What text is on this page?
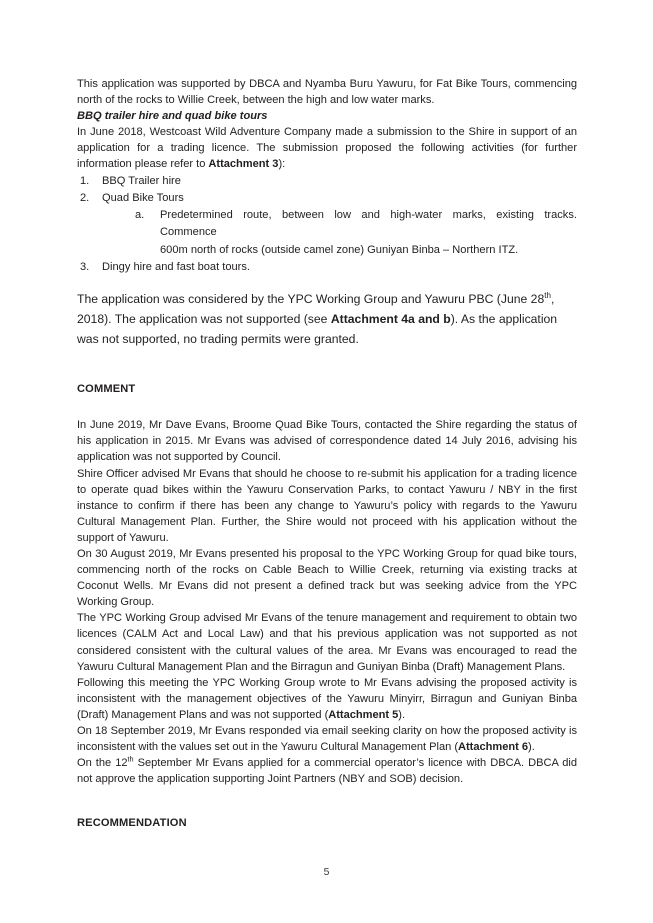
This application was supported by DBCA and Nyamba Buru Yawuru, for Fat Bike Tours, commencing north of the rocks to Willie Creek, between the high and low water marks.
BBQ trailer hire and quad bike tours
In June 2018, Westcoast Wild Adventure Company made a submission to the Shire in support of an application for a trading licence. The submission proposed the following activities (for further information please refer to Attachment 3):
1.	BBQ Trailer hire
2.	Quad Bike Tours
a.	Predetermined route, between low and high-water marks, existing tracks. Commence
600m north of rocks (outside camel zone) Guniyan Binba – Northern ITZ.
3.	Dingy hire and fast boat tours.
The application was considered by the YPC Working Group and Yawuru PBC (June 28th, 2018). The application was not supported (see Attachment 4a and b). As the application was not supported, no trading permits were granted.
COMMENT
In June 2019, Mr Dave Evans, Broome Quad Bike Tours, contacted the Shire regarding the status of his application in 2015. Mr Evans was advised of correspondence dated 14 July 2016, advising his application was not supported by Council.
Shire Officer advised Mr Evans that should he choose to re-submit his application for a trading licence to operate quad bikes within the Yawuru Conservation Parks, to contact Yawuru / NBY in the first instance to confirm if there has been any change to Yawuru’s policy with regards to the Yawuru Cultural Management Plan. Further, the Shire would not proceed with his application without the support of Yawuru.
On 30 August 2019, Mr Evans presented his proposal to the YPC Working Group for quad bike tours, commencing north of the rocks on Cable Beach to Willie Creek, returning via existing tracks at Coconut Wells. Mr Evans did not present a defined track but was seeking advice from the YPC Working Group.
The YPC Working Group advised Mr Evans of the tenure management and requirement to obtain two licences (CALM Act and Local Law) and that his previous application was not supported as not considered consistent with the cultural values of the area. Mr Evans was encouraged to read the Yawuru Cultural Management Plan and the Birragun and Guniyan Binba (Draft) Management Plans.
Following this meeting the YPC Working Group wrote to Mr Evans advising the proposed activity is inconsistent with the management objectives of the Yawuru Minyirr, Birragun and Guniyan Binba (Draft) Management Plans and was not supported (Attachment 5).
On 18 September 2019, Mr Evans responded via email seeking clarity on how the proposed activity is inconsistent with the values set out in the Yawuru Cultural Management Plan (Attachment 6).
On the 12th September Mr Evans applied for a commercial operator’s licence with DBCA. DBCA did not approve the application supporting Joint Partners (NBY and SOB) decision.
RECOMMENDATION
5
